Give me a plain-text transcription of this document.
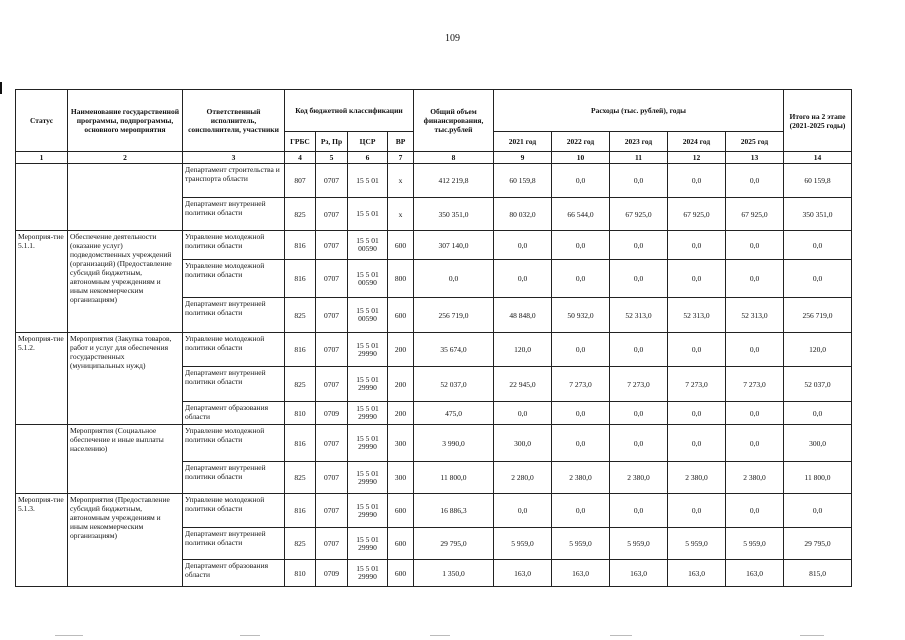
109
Статус	Наименование государственной программы, подпрограммы, основного мероприятия	Ответственный исполнитель, соисполнители, участники	Код бюджетной классификации				Общий объем финансирования, тыс.рублей	Расходы (тыс. рублей), годы					Итого на 2 этапе (2021-2025 годы)
			ГРБС	Рз, Пр	ЦСР	ВР		2021 год	2022 год	2023 год	2024 год	2025 год	
1	2	3	4	5	6	7	8	9	10	11	12	13	14
		Департамент строительства и транспорта области	807	0707	15 5 01	х	412 219,8	60 159,8	0,0	0,0	0,0	0,0	60 159,8
		Департамент внутренней политики области	825	0707	15 5 01	х	350 351,0	80 032,0	66 544,0	67 925,0	67 925,0	67 925,0	350 351,0
Мероприя-тие 5.1.1.	Обеспечение деятельности (оказание услуг) подведомственных учреждений (организаций) (Предоставление субсидий бюджетным, автономным учреждениям и иным некоммерческим организациям)	Управление молодежной политики области	816	0707	15 5 01 00590	600	307 140,0	0,0	0,0	0,0	0,0	0,0	0,0
		Управление молодежной политики области	816	0707	15 5 01 00590	800	0,0	0,0	0,0	0,0	0,0	0,0	0,0
		Департамент внутренней политики области	825	0707	15 5 01 00590	600	256 719,0	48 848,0	50 932,0	52 313,0	52 313,0	52 313,0	256 719,0
Мероприя-тие 5.1.2.	Мероприятия (Закупка товаров, работ и услуг для обеспечения государственных (муниципальных нужд)	Управление молодежной политики области	816	0707	15 5 01 29990	200	35 674,0	120,0	0,0	0,0	0,0	0,0	120,0
		Департамент внутренней политики области	825	0707	15 5 01 29990	200	52 037,0	22 945,0	7 273,0	7 273,0	7 273,0	7 273,0	52 037,0
		Департамент образования области	810	0709	15 5 01 29990	200	475,0	0,0	0,0	0,0	0,0	0,0	0,0
	Мероприятия (Социальное обеспечение и иные выплаты населению)	Управление молодежной политики области	816	0707	15 5 01 29990	300	3 990,0	300,0	0,0	0,0	0,0	0,0	300,0
		Департамент внутренней политики области	825	0707	15 5 01 29990	300	11 800,0	2 280,0	2 380,0	2 380,0	2 380,0	2 380,0	11 800,0
Мероприя-тие 5.1.3.	Мероприятия (Предоставление субсидий бюджетным, автономным учреждениям и иным некоммерческим организациям)	Управление молодежной политики области	816	0707	15 5 01 29990	600	16 886,3	0,0	0,0	0,0	0,0	0,0	0,0
		Департамент внутренней политики области	825	0707	15 5 01 29990	600	29 795,0	5 959,0	5 959,0	5 959,0	5 959,0	5 959,0	29 795,0
		Департамент образования области	810	0709	15 5 01 29990	600	1 350,0	163,0	163,0	163,0	163,0	163,0	815,0
